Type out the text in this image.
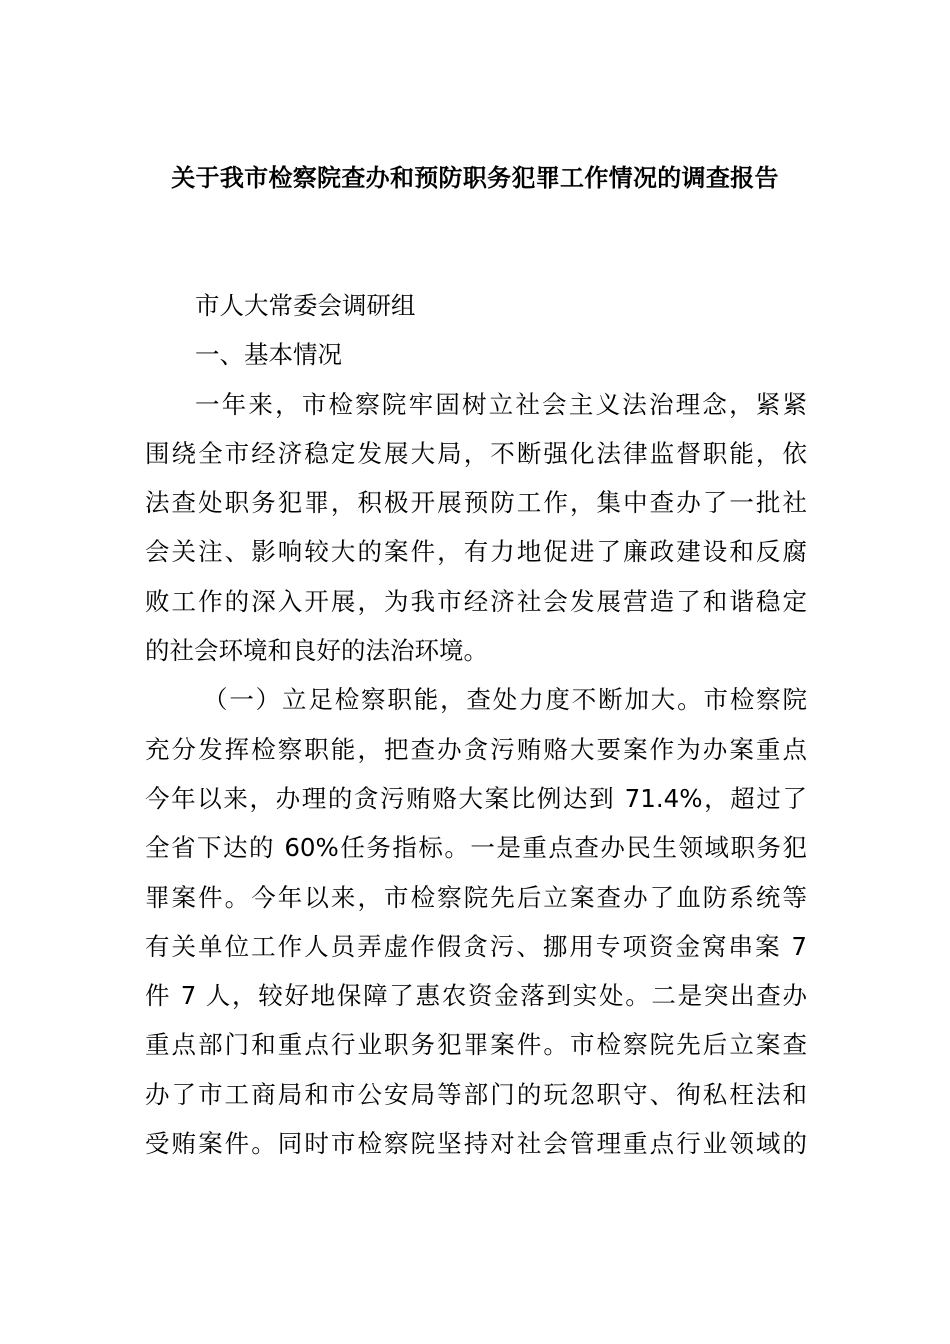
关于我市检察院查办和预防职务犯罪工作情况的调查报告
市人大常委会调研组
一、基本情况
一年来，市检察院牢固树立社会主义法治理念，紧紧
围绕全市经济稳定发展大局，不断强化法律监督职能，依
法查处职务犯罪，积极开展预防工作，集中查办了一批社
会关注、影响较大的案件，有力地促进了廉政建设和反腐
败工作的深入开展，为我市经济社会发展营造了和谐稳定
的社会环境和良好的法治环境。
（一）立足检察职能，查处力度不断加大。市检察院
充分发挥检察职能，把查办贪污贿赂大要案作为办案重点
今年以来，办理的贪污贿赂大案比例达到 71.4%，超过了
全省下达的 60%任务指标。一是重点查办民生领域职务犯
罪案件。今年以来，市检察院先后立案查办了血防系统等
有关单位工作人员弄虚作假贪污、挪用专项资金窝串案 7
件 7 人，较好地保障了惠农资金落到实处。二是突出查办
重点部门和重点行业职务犯罪案件。市检察院先后立案查
办了市工商局和市公安局等部门的玩忽职守、徇私枉法和
受贿案件。同时市检察院坚持对社会管理重点行业领域的
